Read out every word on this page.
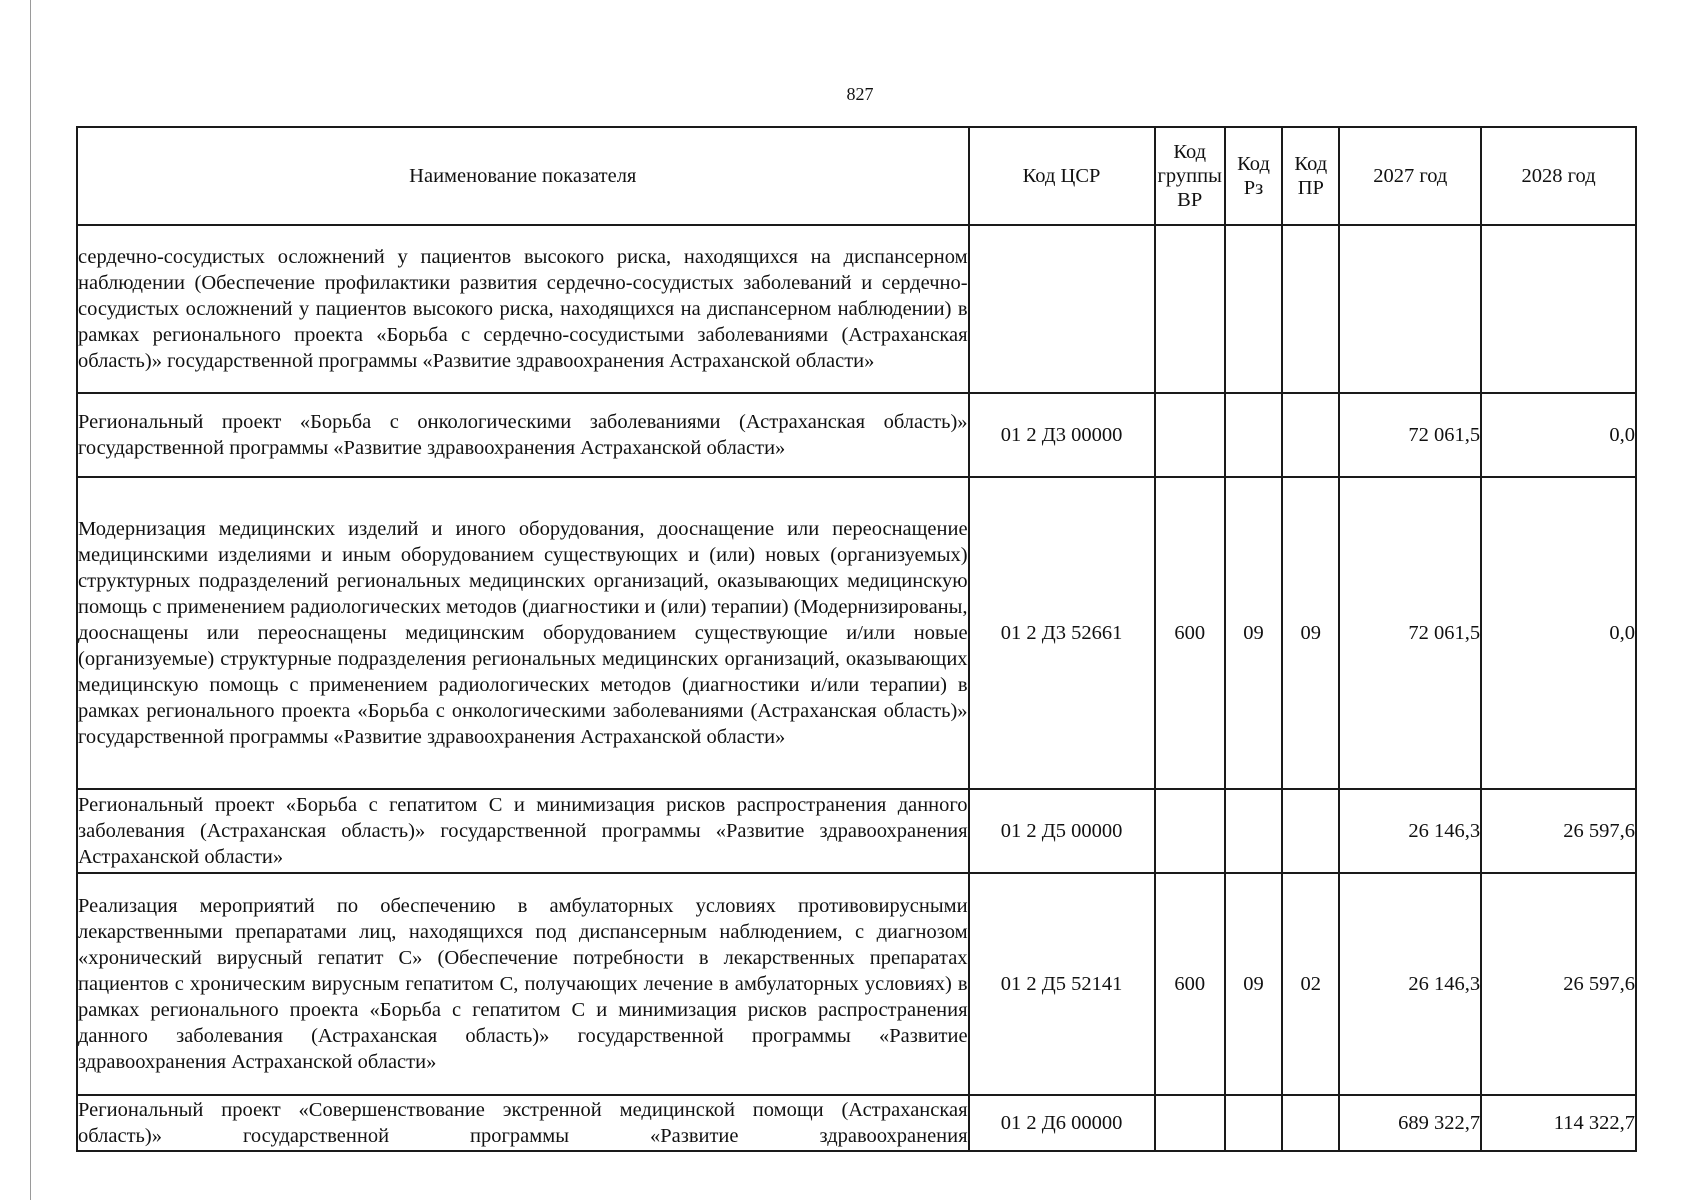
827
Наименование показателя	Код ЦСР	Код группы ВР	Код Рз	Код ПР	2027 год	2028 год
сердечно-сосудистых осложнений у пациентов высокого риска, находящихся на диспансерном наблюдении (Обеспечение профилактики развития сердечно-сосудистых заболеваний и сердечно-сосудистых осложнений у пациентов высокого риска, находящихся на диспансерном наблюдении) в рамках регионального проекта «Борьба с сердечно-сосудистыми заболеваниями (Астраханская область)» государственной программы «Развитие здравоохранения Астраханской области»						
Региональный проект «Борьба с онкологическими заболеваниями (Астраханская область)» государственной программы «Развитие здравоохранения Астраханской области»	01 2 Д3 00000				72 061,5	0,0
Модернизация медицинских изделий и иного оборудования, дооснащение или переоснащение медицинскими изделиями и иным оборудованием существующих и (или) новых (организуемых) структурных подразделений региональных медицинских организаций, оказывающих медицинскую помощь с применением радиологических методов (диагностики и (или) терапии) (Модернизированы, дооснащены или переоснащены медицинским оборудованием существующие и/или новые (организуемые) структурные подразделения региональных медицинских организаций, оказывающих медицинскую помощь с применением радиологических методов (диагностики и/или терапии) в рамках регионального проекта «Борьба с онкологическими заболеваниями (Астраханская область)» государственной программы «Развитие здравоохранения Астраханской области»	01 2 Д3 52661	600	09	09	72 061,5	0,0
Региональный проект «Борьба с гепатитом С и минимизация рисков распространения данного заболевания (Астраханская область)» государственной программы «Развитие здравоохранения Астраханской области»	01 2 Д5 00000				26 146,3	26 597,6
Реализация мероприятий по обеспечению в амбулаторных условиях противовирусными лекарственными препаратами лиц, находящихся под диспансерным наблюдением, с диагнозом «хронический вирусный гепатит С» (Обеспечение потребности в лекарственных препаратах пациентов с хроническим вирусным гепатитом С, получающих лечение в амбулаторных условиях) в рамках регионального проекта «Борьба с гепатитом С и минимизация рисков распространения данного заболевания (Астраханская область)» государственной программы «Развитие здравоохранения Астраханской области»	01 2 Д5 52141	600	09	02	26 146,3	26 597,6
Региональный проект «Совершенствование экстренной медицинской помощи (Астраханская область)» государственной программы «Развитие здравоохранения	01 2 Д6 00000				689 322,7	114 322,7
